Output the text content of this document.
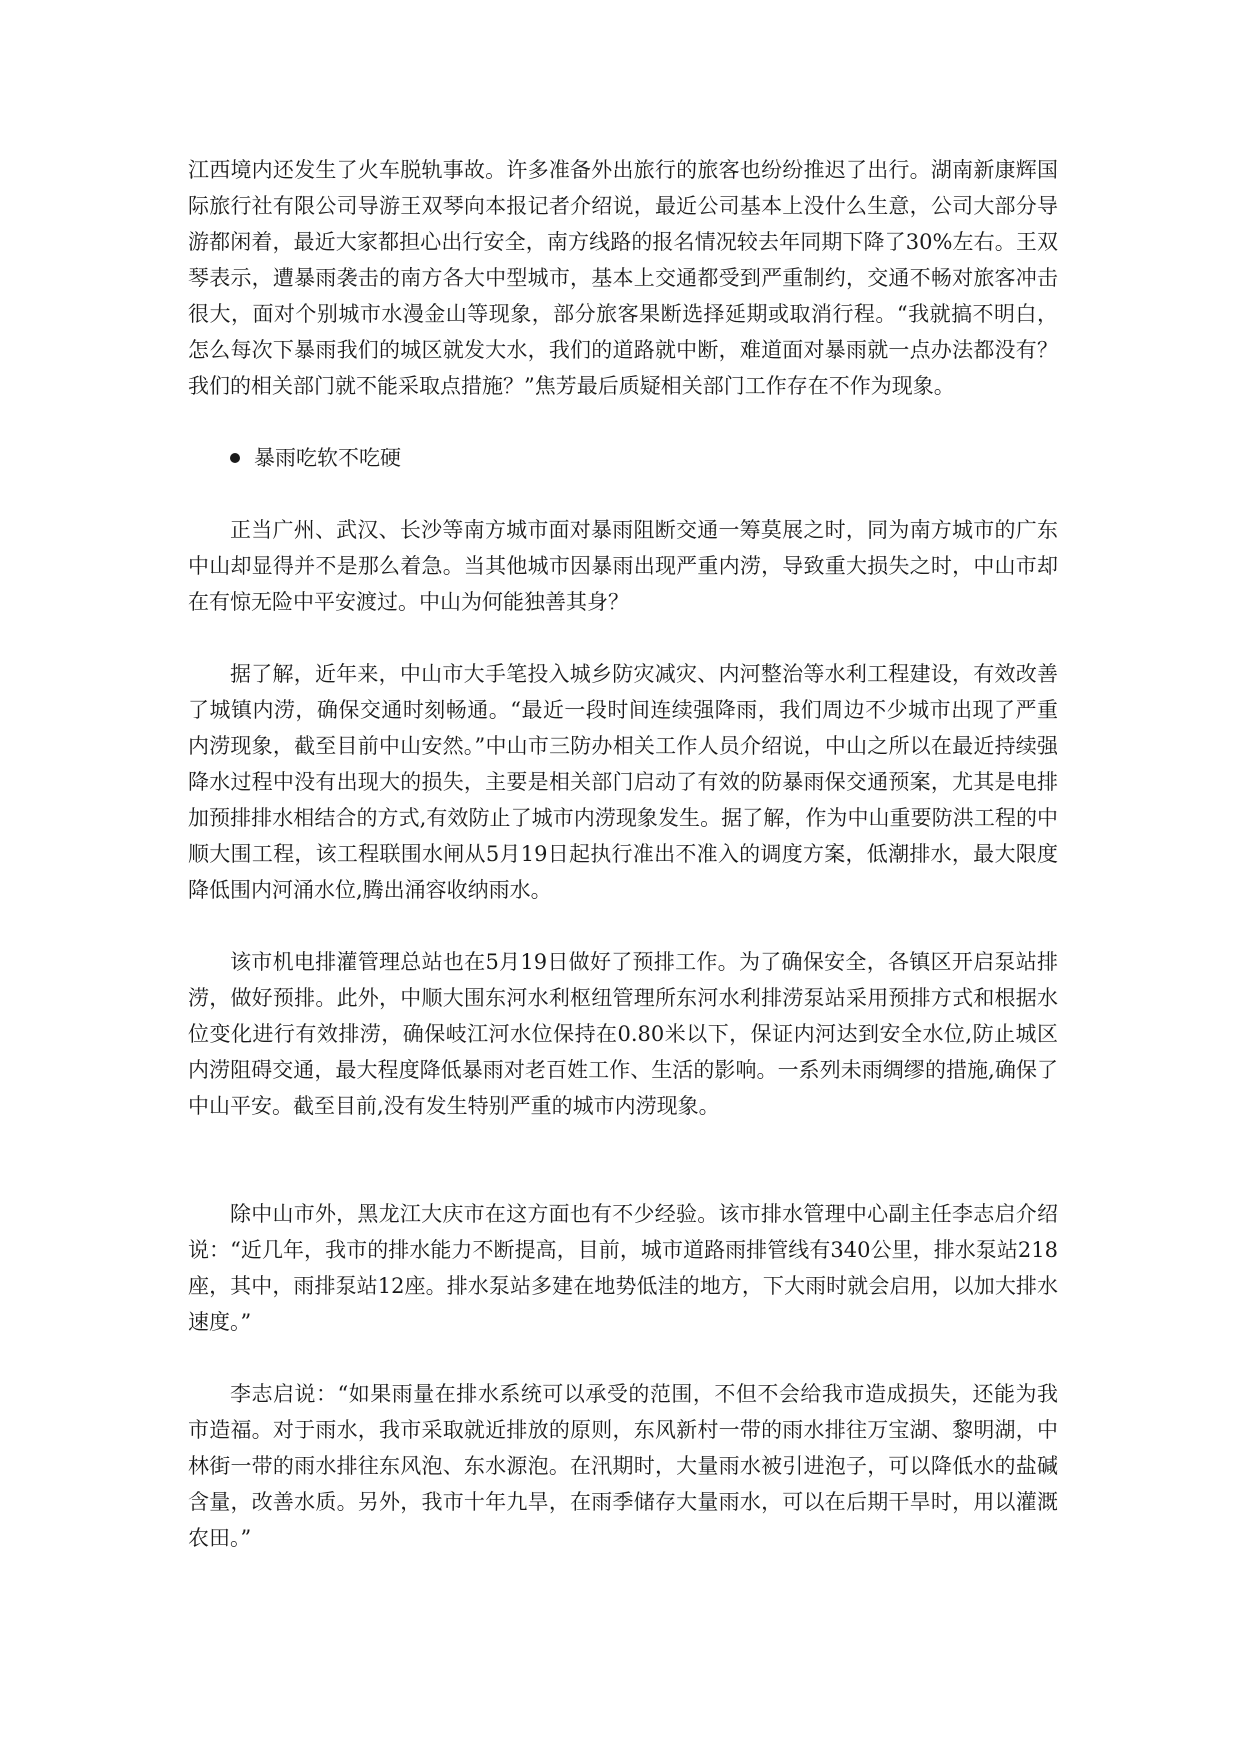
江西境内还发生了火车脱轨事故。许多准备外出旅行的旅客也纷纷推迟了出行。湖南新康辉国际旅行社有限公司导游王双琴向本报记者介绍说，最近公司基本上没什么生意，公司大部分导游都闲着，最近大家都担心出行安全，南方线路的报名情况较去年同期下降了30%左右。王双琴表示，遭暴雨袭击的南方各大中型城市，基本上交通都受到严重制约，交通不畅对旅客冲击很大，面对个别城市水漫金山等现象，部分旅客果断选择延期或取消行程。“我就搞不明白，怎么每次下暴雨我们的城区就发大水，我们的道路就中断，难道面对暴雨就一点办法都没有？我们的相关部门就不能采取点措施？”焦芳最后质疑相关部门工作存在不作为现象。

暴雨吃软不吃硬

正当广州、武汉、长沙等南方城市面对暴雨阻断交通一筹莫展之时，同为南方城市的广东中山却显得并不是那么着急。当其他城市因暴雨出现严重内涝，导致重大损失之时，中山市却在有惊无险中平安渡过。中山为何能独善其身？

据了解，近年来，中山市大手笔投入城乡防灾减灾、内河整治等水利工程建设，有效改善了城镇内涝，确保交通时刻畅通。“最近一段时间连续强降雨，我们周边不少城市出现了严重内涝现象，截至目前中山安然。”中山市三防办相关工作人员介绍说，中山之所以在最近持续强降水过程中没有出现大的损失，主要是相关部门启动了有效的防暴雨保交通预案，尤其是电排加预排排水相结合的方式,有效防止了城市内涝现象发生。据了解，作为中山重要防洪工程的中顺大围工程，该工程联围水闸从5月19日起执行准出不准入的调度方案，低潮排水，最大限度降低围内河涌水位,腾出涌容收纳雨水。

该市机电排灌管理总站也在5月19日做好了预排工作。为了确保安全，各镇区开启泵站排涝，做好预排。此外，中顺大围东河水利枢纽管理所东河水利排涝泵站采用预排方式和根据水位变化进行有效排涝，确保岐江河水位保持在0.80米以下，保证内河达到安全水位,防止城区内涝阻碍交通，最大程度降低暴雨对老百姓工作、生活的影响。一系列未雨绸缪的措施,确保了中山平安。截至目前,没有发生特别严重的城市内涝现象。

除中山市外，黑龙江大庆市在这方面也有不少经验。该市排水管理中心副主任李志启介绍说：“近几年，我市的排水能力不断提高，目前，城市道路雨排管线有340公里，排水泵站218座，其中，雨排泵站12座。排水泵站多建在地势低洼的地方，下大雨时就会启用，以加大排水速度。”

李志启说：“如果雨量在排水系统可以承受的范围，不但不会给我市造成损失，还能为我市造福。对于雨水，我市采取就近排放的原则，东风新村一带的雨水排往万宝湖、黎明湖，中林街一带的雨水排往东风泡、东水源泡。在汛期时，大量雨水被引进泡子，可以降低水的盐碱含量，改善水质。另外，我市十年九旱，在雨季储存大量雨水，可以在后期干旱时，用以灌溉农田。”
